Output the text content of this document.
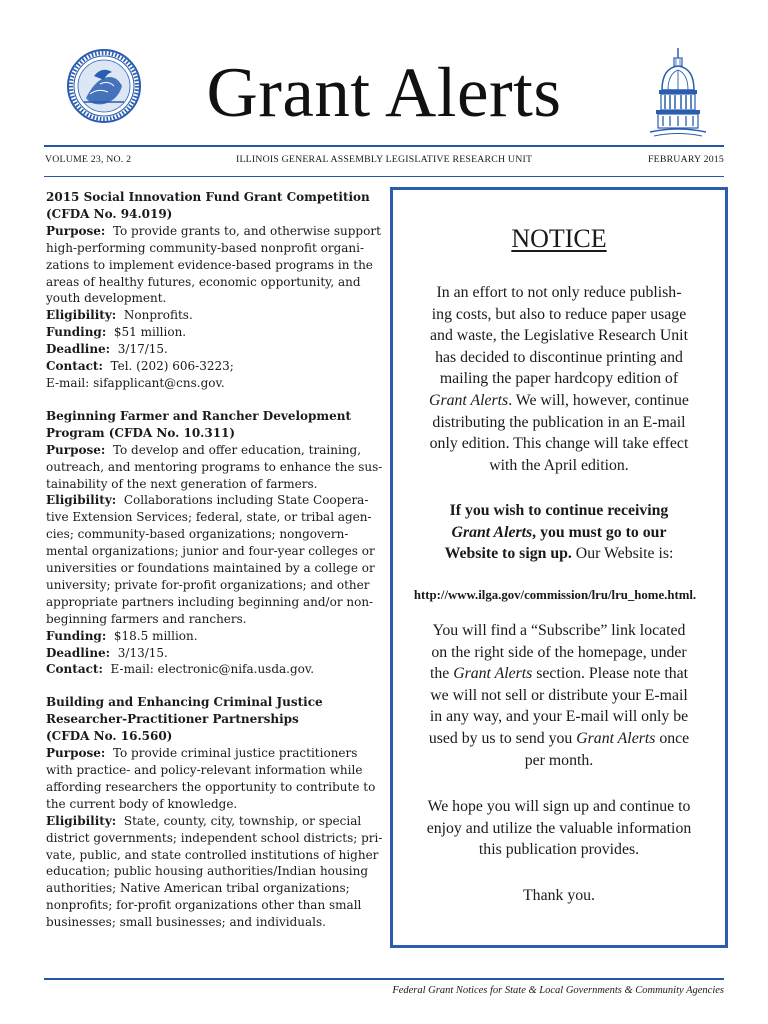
Grant Alerts
VOLUME 23, NO. 2	ILLINOIS GENERAL ASSEMBLY LEGISLATIVE RESEARCH UNIT	FEBRUARY 2015

2015 Social Innovation Fund Grant Competition

(CFDA No. 94.019)

Purpose: To provide grants to, and otherwise support

high-performing community-based nonprofit organi-

zations to implement evidence-based programs in the

areas of healthy futures, economic opportunity, and

youth development.

Eligibility: Nonprofits.

Funding: $51 million.

Deadline: 3/17/15.

Contact: Tel. (202) 606-3223;

E-mail: sifapplicant@cns.gov.

Beginning Farmer and Rancher Development

Program (CFDA No. 10.311)

Purpose: To develop and offer education, training,

outreach, and mentoring programs to enhance the sus-

tainability of the next generation of farmers.

Eligibility: Collaborations including State Coopera-

tive Extension Services; federal, state, or tribal agen-

cies; community-based organizations; nongovern-

mental organizations; junior and four-year colleges or

universities or foundations maintained by a college or

university; private for-profit organizations; and other

appropriate partners including beginning and/or non-

beginning farmers and ranchers.

Funding: $18.5 million.

Deadline: 3/13/15.

Contact: E-mail: electronic@nifa.usda.gov.

Building and Enhancing Criminal Justice

Researcher-Practitioner Partnerships

(CFDA No. 16.560)

Purpose: To provide criminal justice practitioners

with practice- and policy-relevant information while

affording researchers the opportunity to contribute to

the current body of knowledge.

Eligibility: State, county, city, township, or special

district governments; independent school districts; pri-

vate, public, and state controlled institutions of higher

education; public housing authorities/Indian housing

authorities; Native American tribal organizations;

nonprofits; for-profit organizations other than small

businesses; small businesses; and individuals.

NOTICE
In an effort to not only reduce publish-
ing costs, but also to reduce paper usage
and waste, the Legislative Research Unit
has decided to discontinue printing and
mailing the paper hardcopy edition of
Grant Alerts. We will, however, continue
distributing the publication in an E-mail
only edition. This change will take effect
with the April edition.
If you wish to continue receiving
Grant Alerts, you must go to our
Website to sign up. Our Website is:
http://www.ilga.gov/commission/lru/lru_home.html.
You will find a “Subscribe” link located
on the right side of the homepage, under
the Grant Alerts section. Please note that
we will not sell or distribute your E-mail
in any way, and your E-mail will only be
used by us to send you Grant Alerts once
per month.
We hope you will sign up and continue to
enjoy and utilize the valuable information
this publication provides.
Thank you.
Federal Grant Notices for State & Local Governments & Community Agencies
